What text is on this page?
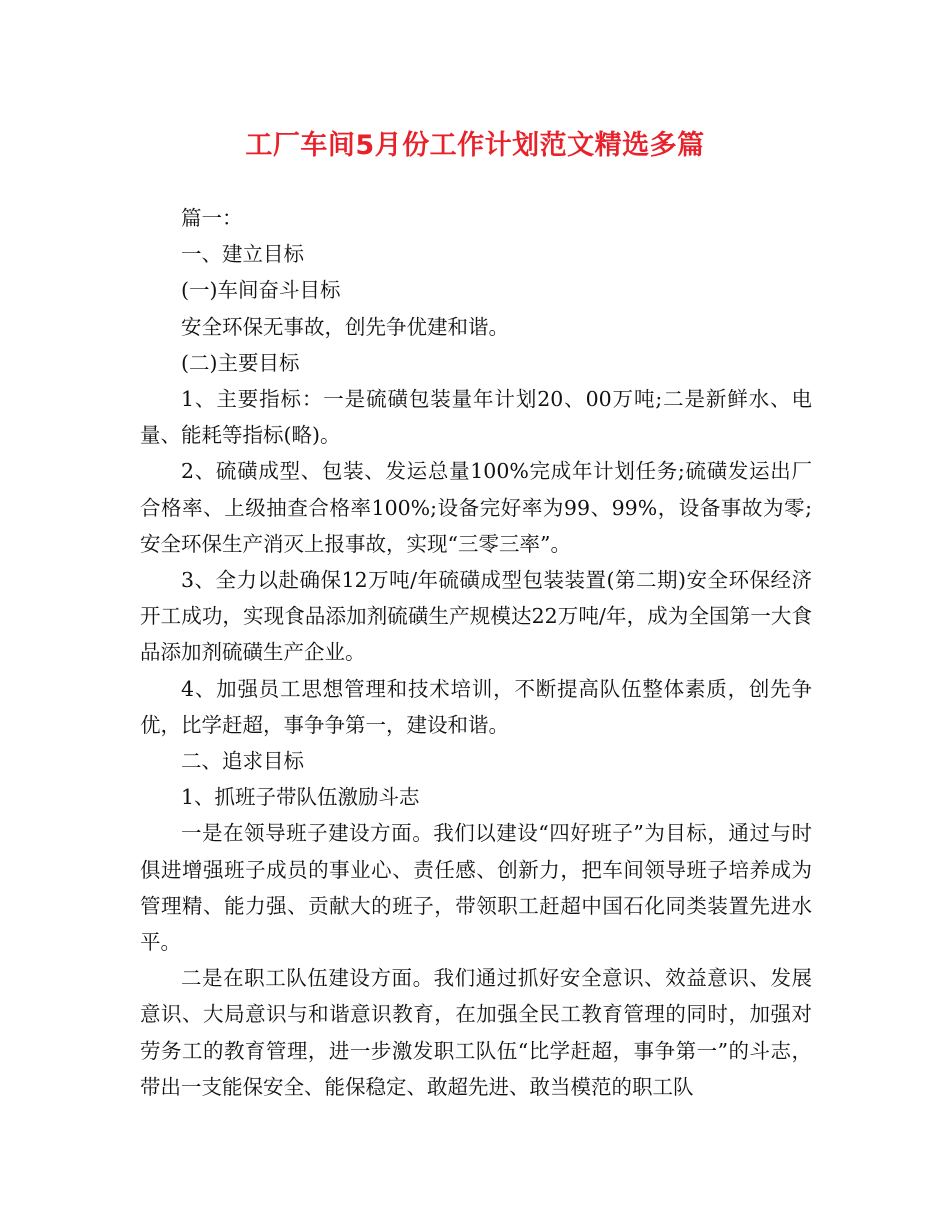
工厂车间5月份工作计划范文精选多篇

篇一：

一、建立目标

(一)车间奋斗目标

安全环保无事故，创先争优建和谐。

(二)主要目标

1、主要指标：一是硫磺包装量年计划20、00万吨;二是新鲜水、电量、能耗等指标(略)。

2、硫磺成型、包装、发运总量100%完成年计划任务;硫磺发运出厂合格率、上级抽查合格率100%;设备完好率为99、99%，设备事故为零;安全环保生产消灭上报事故，实现“三零三率”。

3、全力以赴确保12万吨/年硫磺成型包装装置(第二期)安全环保经济开工成功，实现食品添加剂硫磺生产规模达22万吨/年，成为全国第一大食品添加剂硫磺生产企业。

4、加强员工思想管理和技术培训，不断提高队伍整体素质，创先争优，比学赶超，事争争第一，建设和谐。

二、追求目标

1、抓班子带队伍激励斗志

一是在领导班子建设方面。我们以建设“四好班子”为目标，通过与时俱进增强班子成员的事业心、责任感、创新力，把车间领导班子培养成为管理精、能力强、贡献大的班子，带领职工赶超中国石化同类装置先进水平。

二是在职工队伍建设方面。我们通过抓好安全意识、效益意识、发展意识、大局意识与和谐意识教育，在加强全民工教育管理的同时，加强对劳务工的教育管理，进一步激发职工队伍“比学赶超，事争第一”的斗志，带出一支能保安全、能保稳定、敢超先进、敢当模范的职工队
